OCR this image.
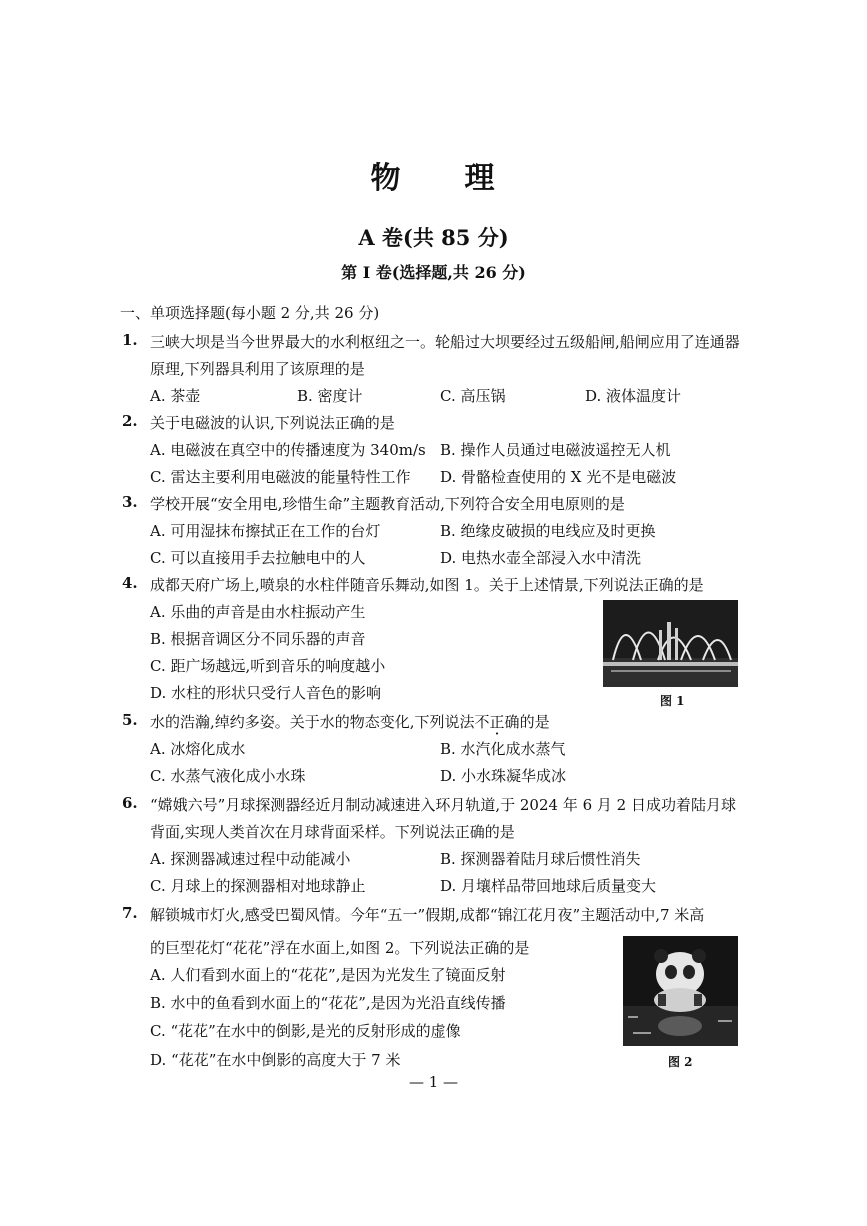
物 理
A 卷(共 85 分)
第 I 卷(选择题,共 26 分)
一、单项选择题(每小题 2 分,共 26 分)
1. 三峡大坝是当今世界最大的水利枢纽之一。轮船过大坝要经过五级船闸,船闸应用了连通器
原理,下列器具利用了该原理的是
A. 茶壶	B. 密度计	C. 高压锅	D. 液体温度计
2. 关于电磁波的认识,下列说法正确的是
A. 电磁波在真空中的传播速度为 340m/s B. 操作人员通过电磁波遥控无人机
C. 雷达主要利用电磁波的能量特性工作 D. 骨骼检查使用的 X 光不是电磁波
3. 学校开展“安全用电,珍惜生命”主题教育活动,下列符合安全用电原则的是
A. 可用湿抹布擦拭正在工作的台灯	B. 绝缘皮破损的电线应及时更换
C. 可以直接用手去拉触电中的人	D. 电热水壶全部浸入水中清洗
4. 成都天府广场上,喷泉的水柱伴随音乐舞动,如图 1。关于上述情景,下列说法正确的是
A. 乐曲的声音是由水柱振动产生
B. 根据音调区分不同乐器的声音
C. 距广场越远,听到音乐的响度越小
D. 水柱的形状只受行人音色的影响	图 1
5. 水的浩瀚,绰约多姿。关于水的物态变化,下列说法不正确的是
A. 冰熔化成水	B. 水汽化成水蒸气
C. 水蒸气液化成小水珠	D. 小水珠凝华成冰
6. “嫦娥六号”月球探测器经近月制动减速进入环月轨道,于 2024 年 6 月 2 日成功着陆月球
背面,实现人类首次在月球背面采样。下列说法正确的是
A. 探测器减速过程中动能减小	B. 探测器着陆月球后惯性消失
C. 月球上的探测器相对地球静止	D. 月壤样品带回地球后质量变大
7. 解锁城市灯火,感受巴蜀风情。今年“五一”假期,成都“锦江花月夜”主题活动中,7 米高
的巨型花灯“花花”浮在水面上,如图 2。下列说法正确的是
A. 人们看到水面上的“花花”,是因为光发生了镜面反射
B. 水中的鱼看到水面上的“花花”,是因为光沿直线传播
C. “花花”在水中的倒影,是光的反射形成的虚像
D. “花花”在水中倒影的高度大于 7 米	图 2
— 1 —
